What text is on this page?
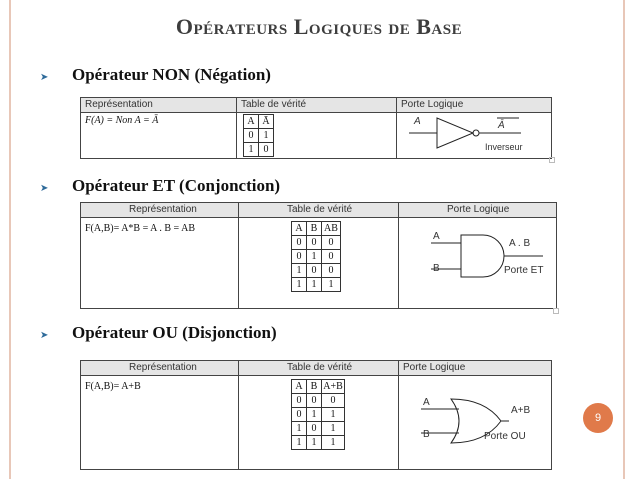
Opérateurs Logiques de Base
➤ Opérateur NON (Négation)
Représentation	Table de vérité	Porte Logique
F(A) = Non A = Ā	A	Ā
0	1
1	0
A	Ā
Inverseur
➤ Opérateur ET (Conjonction)
Représentation	Table de vérité	Porte Logique
F(A,B)= A*B = A . B = AB	A	B	AB
0	0	0
0	1	0
1	0	0
1	1	1
A
B
A . B
Porte ET
➤ Opérateur OU (Disjonction)
Représentation	Table de vérité	Porte Logique
F(A,B)= A+B	A	B	A+B
0	0	0
0	1	1
1	0	1
1	1	1
A
B
A+B
Porte OU
9
